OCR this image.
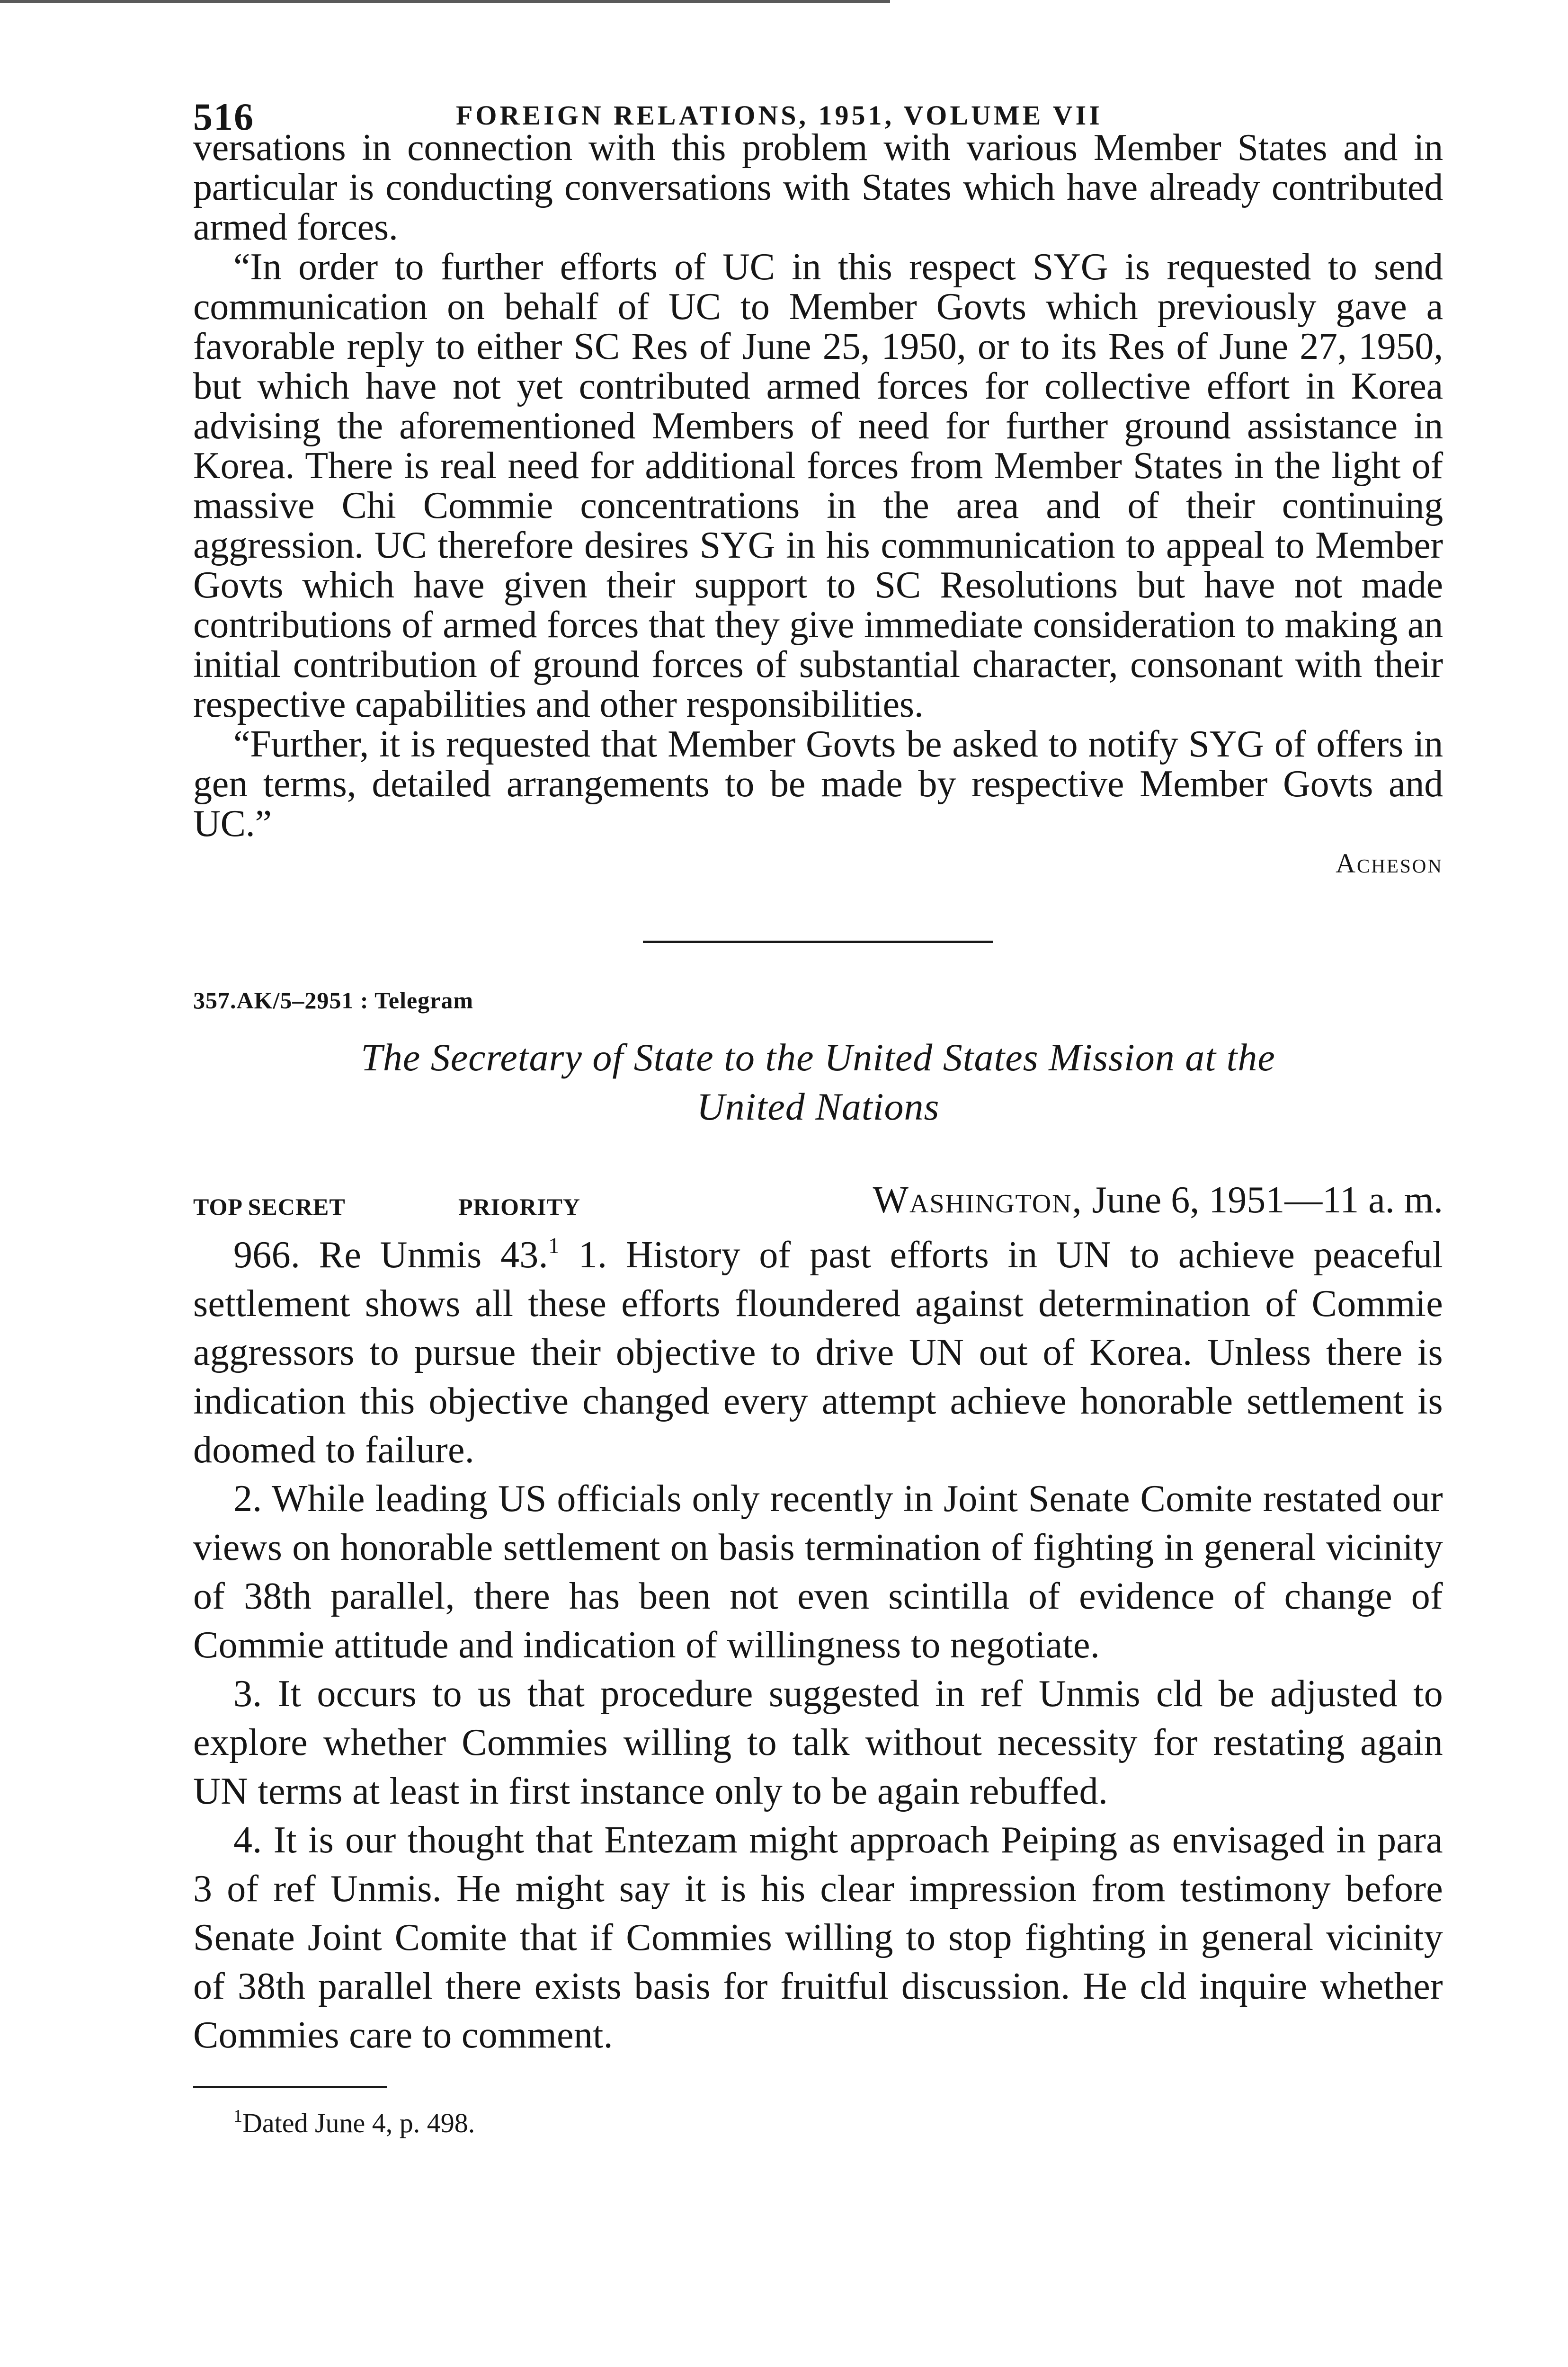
516	FOREIGN RELATIONS, 1951, VOLUME VII

versations in connection with this problem with various Member States and in particular is conducting conversations with States which have already contributed armed forces.

“In order to further efforts of UC in this respect SYG is requested to send communication on behalf of UC to Member Govts which previously gave a favorable reply to either SC Res of June 25, 1950, or to its Res of June 27, 1950, but which have not yet contributed armed forces for collective effort in Korea advising the aforementioned Members of need for further ground assistance in Korea. There is real need for additional forces from Member States in the light of massive Chi Commie concentrations in the area and of their continuing aggression. UC therefore desires SYG in his communication to appeal to Member Govts which have given their support to SC Resolutions but have not made contributions of armed forces that they give immediate consideration to making an initial contribution of ground forces of substantial character, consonant with their respective capabilities and other responsibilities.

“Further, it is requested that Member Govts be asked to notify SYG of offers in gen terms, detailed arrangements to be made by respective Member Govts and UC.”

Acheson
357.AK/5–2951 : Telegram
The Secretary of State to the United States Mission at the
United Nations
TOP SECRET	PRIORITY	Washington, June 6, 1951—11 a. m.

966. Re Unmis 43.$^1$ 1. History of past efforts in UN to achieve peaceful settlement shows all these efforts floundered against determination of Commie aggressors to pursue their objective to drive UN out of Korea. Unless there is indication this objective changed every attempt achieve honorable settlement is doomed to failure.

2. While leading US officials only recently in Joint Senate Comite restated our views on honorable settlement on basis termination of fighting in general vicinity of 38th parallel, there has been not even scintilla of evidence of change of Commie attitude and indication of willingness to negotiate.

3. It occurs to us that procedure suggested in ref Unmis cld be adjusted to explore whether Commies willing to talk without necessity for restating again UN terms at least in first instance only to be again rebuffed.

4. It is our thought that Entezam might approach Peiping as envisaged in para 3 of ref Unmis. He might say it is his clear impression from testimony before Senate Joint Comite that if Commies willing to stop fighting in general vicinity of 38th parallel there exists basis for fruitful discussion. He cld inquire whether Commies care to comment.

$^1$Dated June 4, p. 498.
